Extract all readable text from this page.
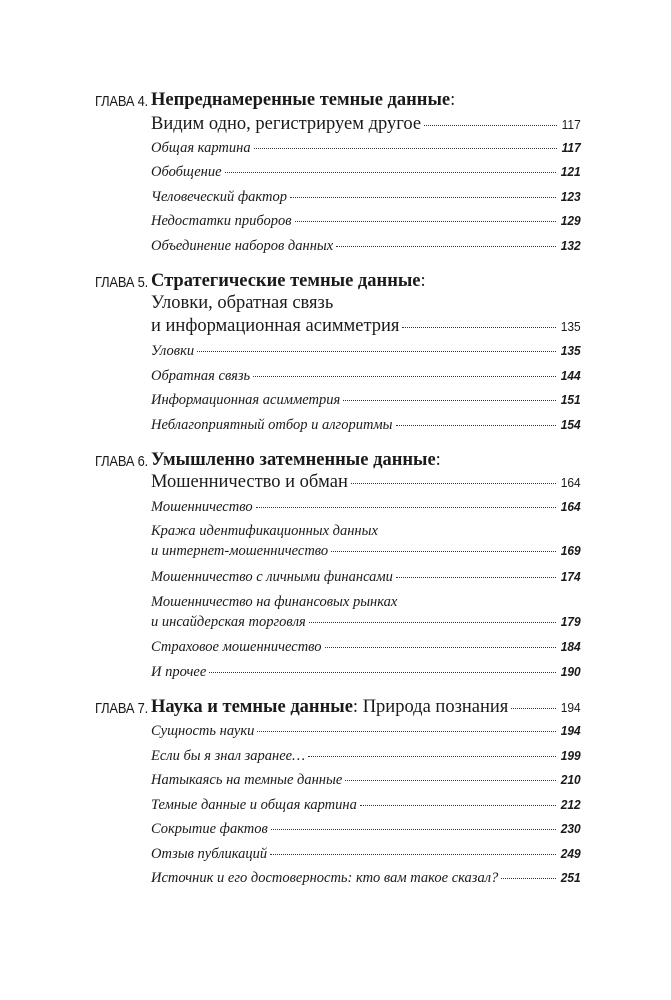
ГЛАВА 4. Непреднамеренные темные данные :
Видим одно, регистрируем другое	117
Общая картина	117
Обобщение	121
Человеческий фактор	123
Недостатки приборов	129
Объединение наборов данных	132
ГЛАВА 5. Стратегические темные данные :
Уловки, обратная связь
и информационная асимметрия	135
Уловки	135
Обратная связь	144
Информационная асимметрия	151
Неблагоприятный отбор и алгоритмы	154
ГЛАВА 6. Умышленно затемненные данные :
Мошенничество и обман	164
Мошенничество	164
Кража идентификационных данных
и интернет-мошенничество	169
Мошенничество с личными финансами	174
Мошенничество на финансовых рынках
и инсайдерская торговля	179
Страховое мошенничество	184
И прочее	190
ГЛАВА 7. Наука и темные данные : Природа познания	194
Сущность науки	194
Если бы я знал заранее…	199
Натыкаясь на темные данные	210
Темные данные и общая картина	212
Сокрытие фактов	230
Отзыв публикаций	249
Источник и его достоверность: кто вам такое сказал?	251
